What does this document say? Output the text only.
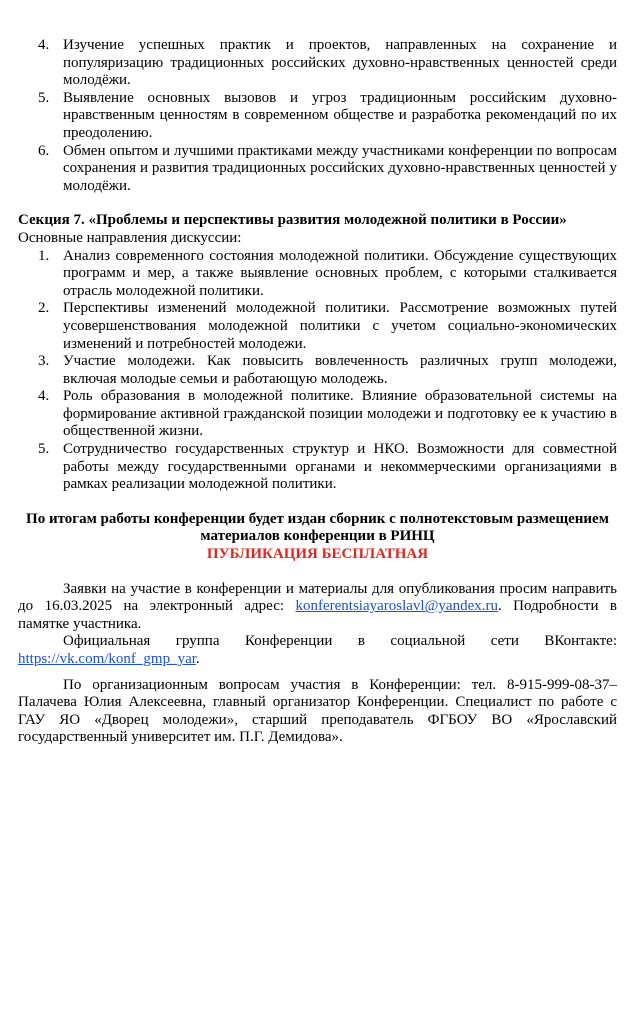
4. Изучение успешных практик и проектов, направленных на сохранение и популяризацию традиционных российских духовно-нравственных ценностей среди молодёжи.
5. Выявление основных вызовов и угроз традиционным российским духовно-нравственным ценностям в современном обществе и разработка рекомендаций по их преодолению.
6. Обмен опытом и лучшими практиками между участниками конференции по вопросам сохранения и развития традиционных российских духовно-нравственных ценностей у молодёжи.
Секция 7. «Проблемы и перспективы развития молодежной политики в России»
Основные направления дискуссии:
1. Анализ современного состояния молодежной политики. Обсуждение существующих программ и мер, а также выявление основных проблем, с которыми сталкивается отрасль молодежной политики.
2. Перспективы изменений молодежной политики. Рассмотрение возможных путей усовершенствования молодежной политики с учетом социально-экономических изменений и потребностей молодежи.
3. Участие молодежи. Как повысить вовлеченность различных групп молодежи, включая молодые семьи и работающую молодежь.
4. Роль образования в молодежной политике. Влияние образовательной системы на формирование активной гражданской позиции молодежи и подготовку ее к участию в общественной жизни.
5. Сотрудничество государственных структур и НКО. Возможности для совместной работы между государственными органами и некоммерческими организациями в рамках реализации молодежной политики.
По итогам работы конференции будет издан сборник с полнотекстовым размещением
материалов конференции в РИНЦ
ПУБЛИКАЦИЯ БЕСПЛАТНАЯ
Заявки на участие в конференции и материалы для опубликования просим направить до 16.03.2025 на электронный адрес: konferentsiayaroslavl@yandex.ru. Подробности в памятке участника.
Официальная группа Конференции в социальной сети ВКонтакте: https://vk.com/konf_gmp_yar.
По организационным вопросам участия в Конференции: тел. 8-915-999-08-37– Палачева Юлия Алексеевна, главный организатор Конференции. Специалист по работе с ГАУ ЯО «Дворец молодежи», старший преподаватель ФГБОУ ВО «Ярославский государственный университет им. П.Г. Демидова».
